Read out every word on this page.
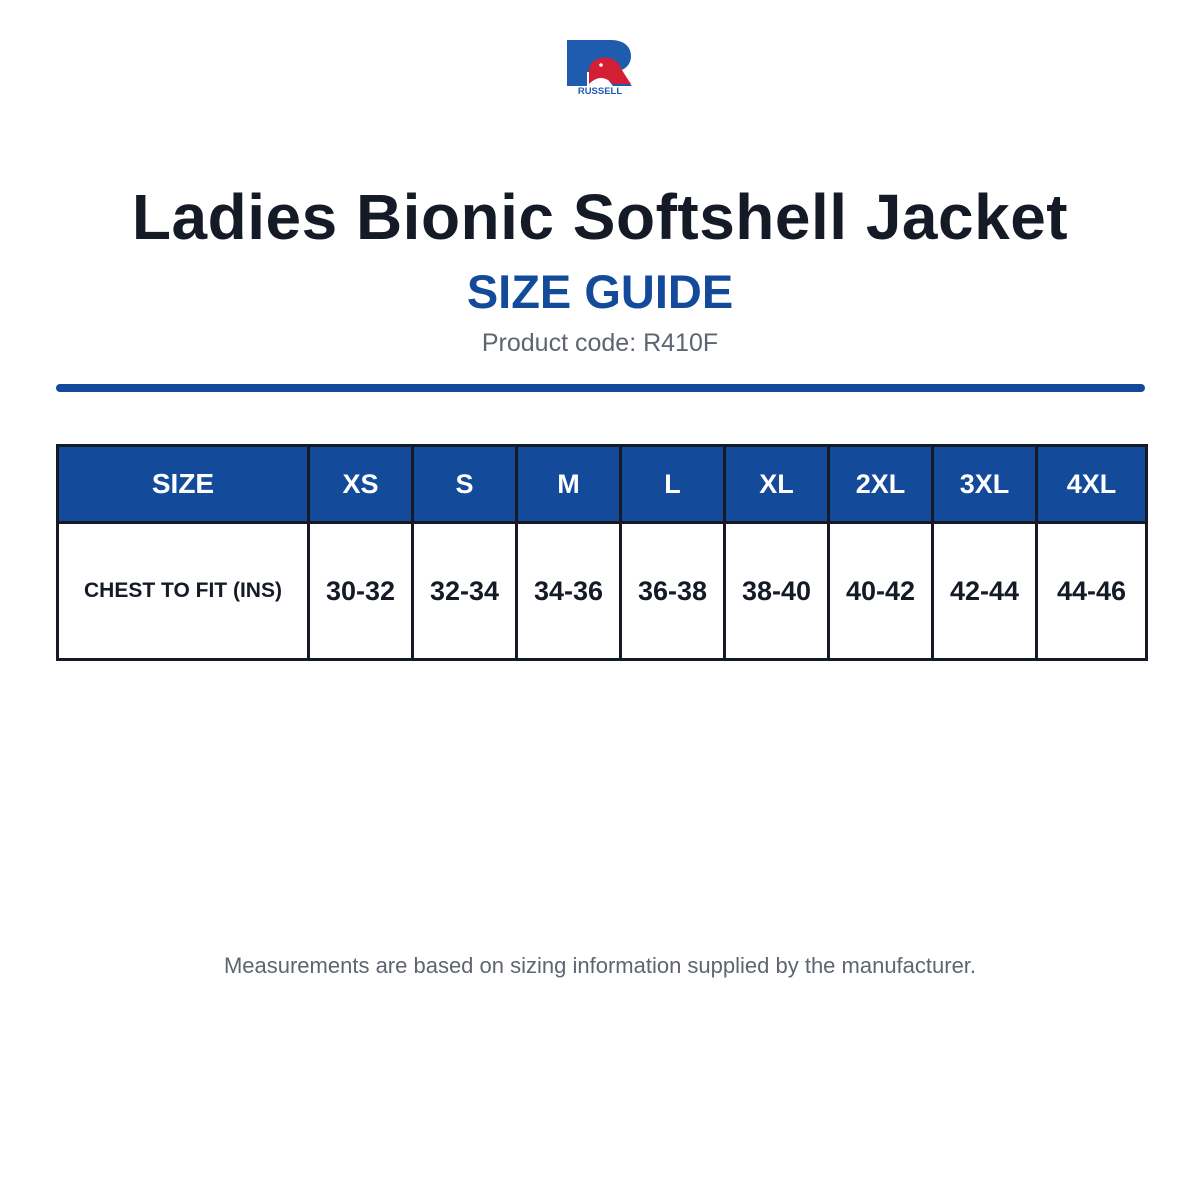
RUSSELL
Ladies Bionic Softshell Jacket
SIZE GUIDE
Product code: R410F
SIZE	XS	S	M	L	XL	2XL	3XL	4XL
CHEST TO FIT (INS)	30-32	32-34	34-36	36-38	38-40	40-42	42-44	44-46
Measurements are based on sizing information supplied by the manufacturer.
